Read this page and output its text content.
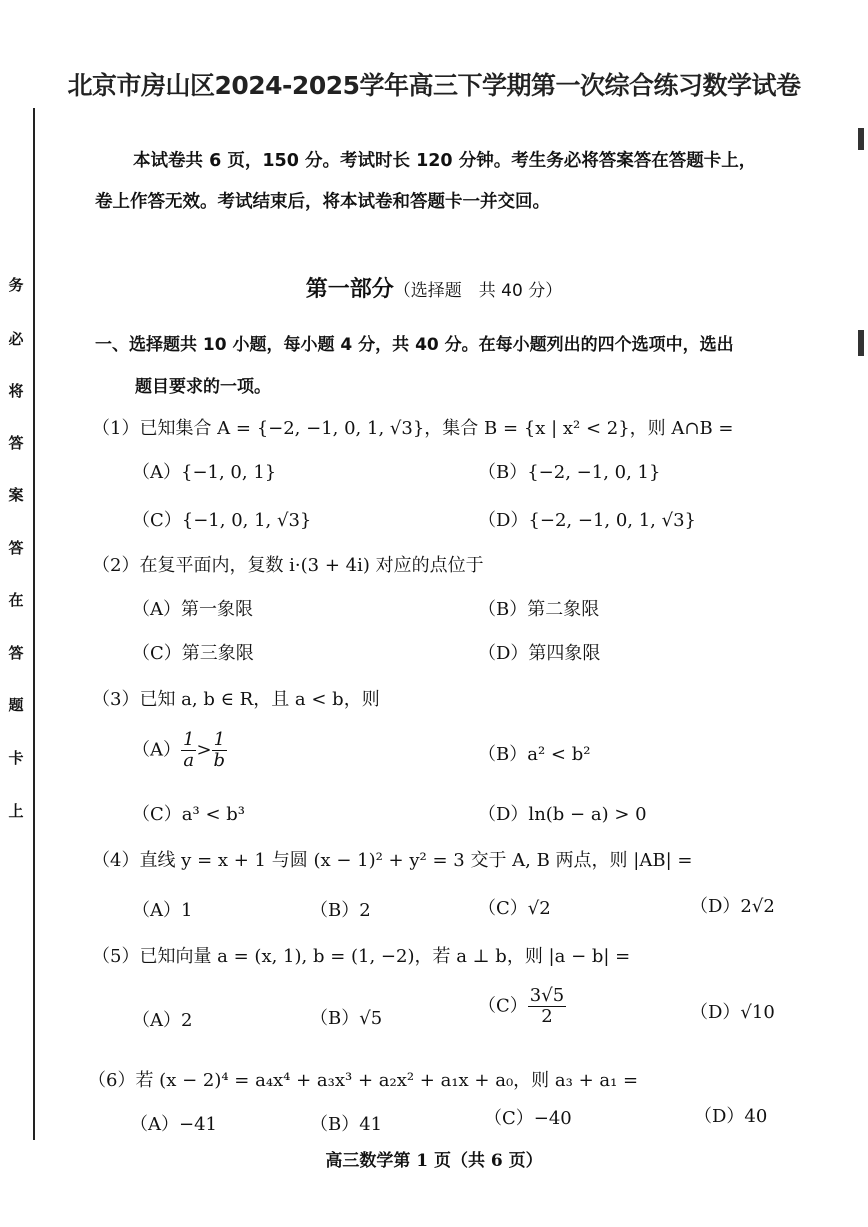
北京市房山区2024-2025学年高三下学期第一次综合练习数学试卷
本试卷共 6 页，150 分。考试时长 120 分钟。考生务必将答案答在答题卡上，
卷上作答无效。考试结束后，将本试卷和答题卡一并交回。
务
必
将
答
案
答
在
答
题
卡
上
第一部分（选择题　共 40 分）
一、选择题共 10 小题，每小题 4 分，共 40 分。在每小题列出的四个选项中，选出
题目要求的一项。
（1）已知集合 A = {−2, −1, 0, 1, √3}，集合 B = {x | x² < 2}，则 A∩B =
（A）{−1, 0, 1}	（B）{−2, −1, 0, 1}
（C）{−1, 0, 1, √3}	（D）{−2, −1, 0, 1, √3}
（2）在复平面内，复数 i·(3 + 4i) 对应的点位于
（A）第一象限	（B）第二象限
（C）第三象限	（D）第四象限
（3）已知 a, b ∈ R，且 a < b，则
$(A) \frac{1}{a} > \frac{1}{b}$	（B）a² < b²
（C）a³ < b³	（D）ln(b − a) > 0
（4）直线 y = x + 1 与圆 (x − 1)² + y² = 3 交于 A, B 两点，则 |AB| =
（A）1	（B）2	（C）√2	（D）2√2
（5）已知向量 a = (x, 1), b = (1, −2)，若 a ⊥ b，则 |a − b| =
（A）2	（B）√5
$(C) \frac{3√5}{2}$	（D）√10
（6）若 (x − 2)⁴ = a₄x⁴ + a₃x³ + a₂x² + a₁x + a₀，则 a₃ + a₁ =
（A）−41	（B）41	（C）−40	（D）40
高三数学第 1 页（共 6 页）
